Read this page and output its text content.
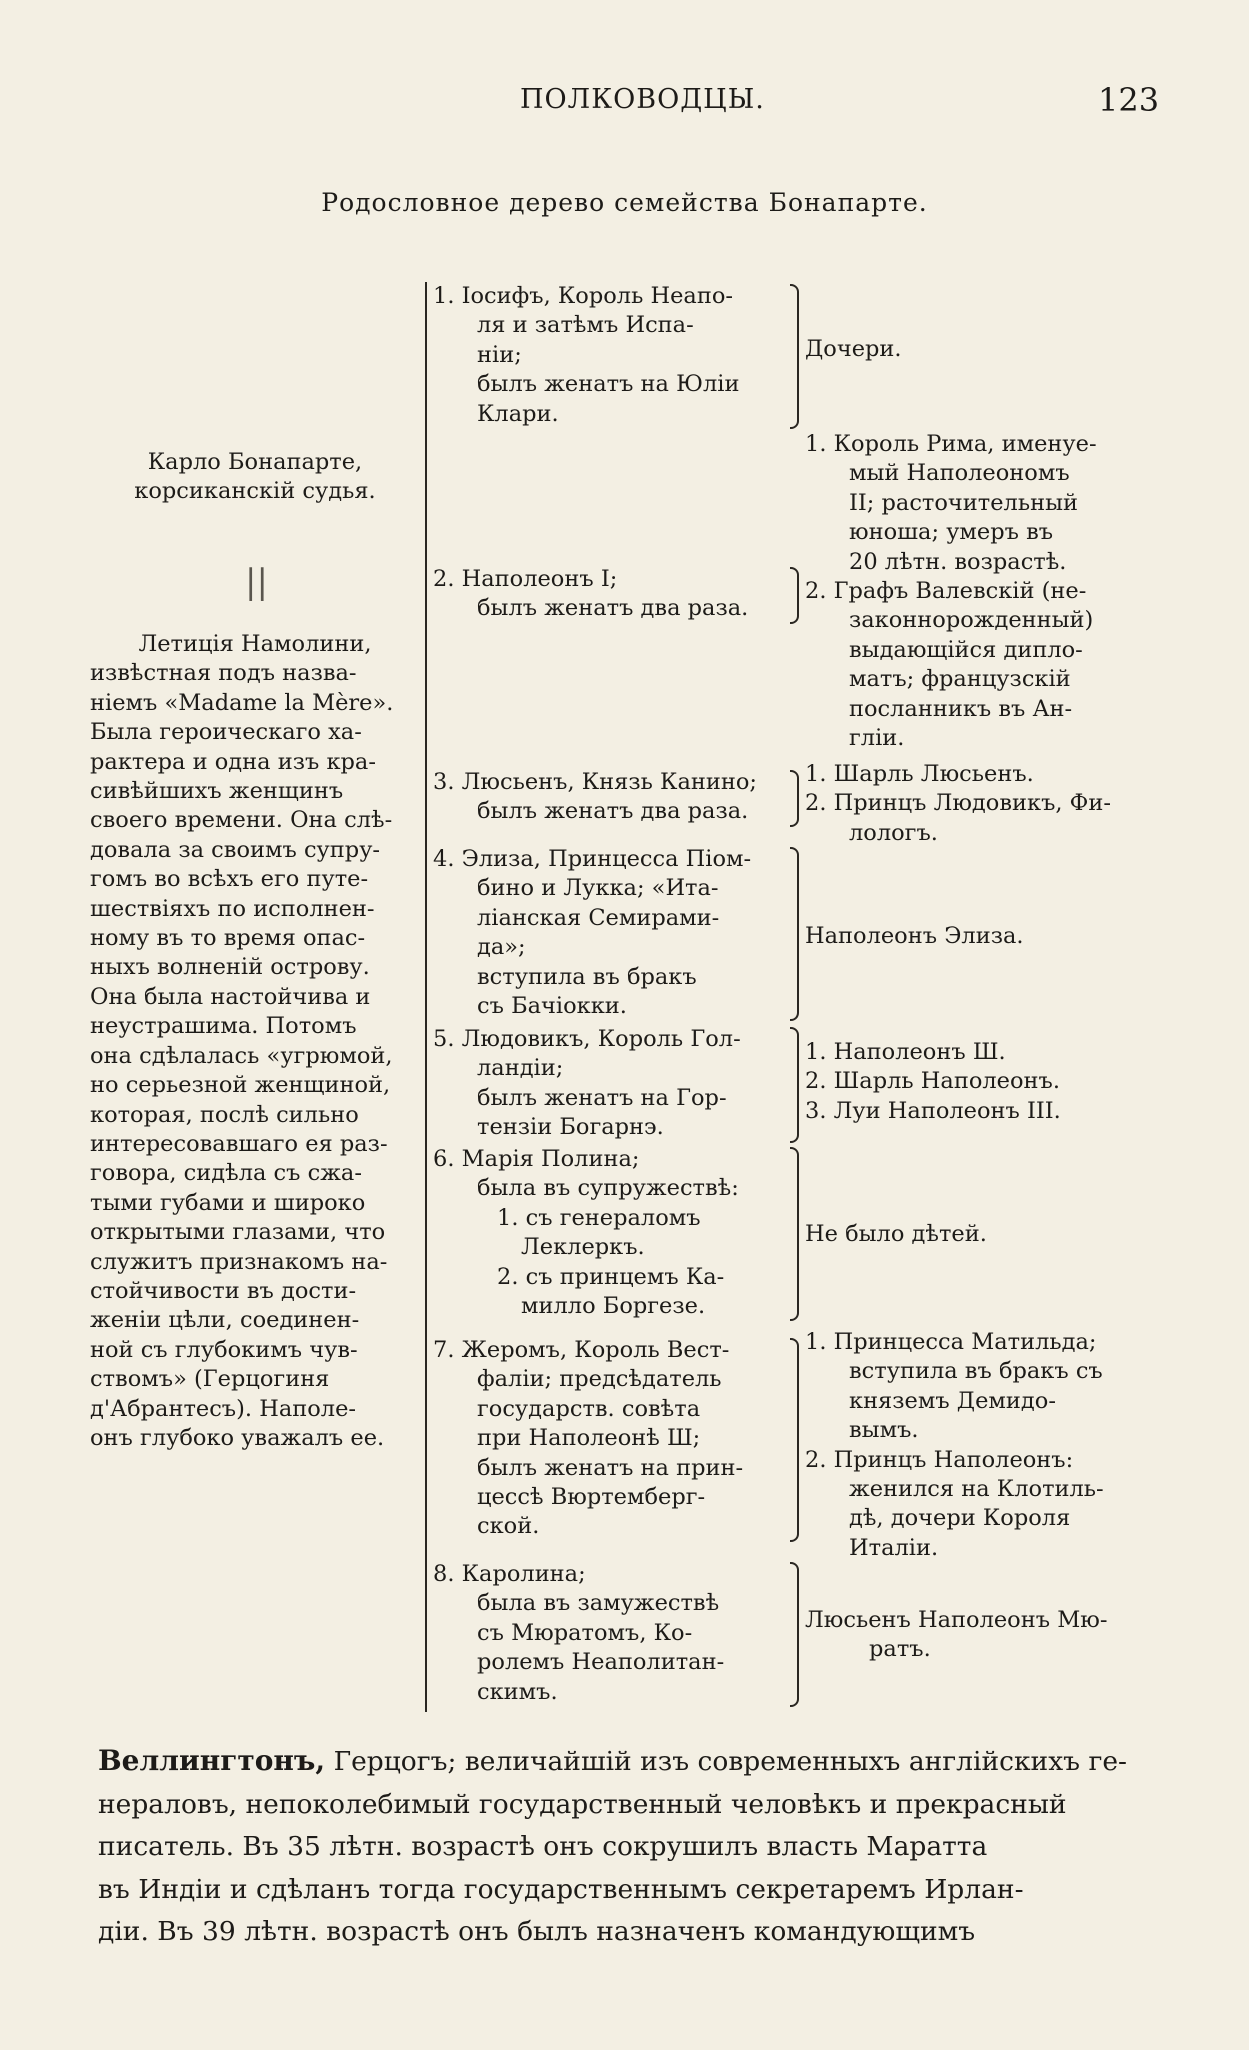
ПОЛКОВОДЦЫ.	123
Родословное дерево семейства Бонапарте.
Карло Бонапарте,
корсиканскій судья.
||
Летиція Намолини,
извѣстная подъ назва-
ніемъ «Madame la Mère».
Была героическаго ха-
рактера и одна изъ кра-
сивѣйшихъ женщинъ
своего времени. Она слѣ-
довала за своимъ супру-
гомъ во всѣхъ его путе-
шествіяхъ по исполнен-
ному въ то время опас-
ныхъ волненій острову.
Она была настойчива и
неустрашима. Потомъ
она сдѣлалась «угрюмой,
но серьезной женщиной,
которая, послѣ сильно
интересовавшаго ея раз-
говора, сидѣла съ сжа-
тыми губами и широко
открытыми глазами, что
служитъ признакомъ на-
стойчивости въ дости-
женіи цѣли, соединен-
ной съ глубокимъ чув-
ствомъ» (Герцогиня
д'Абрантесъ). Наполе-
онъ глубоко уважалъ ее.
1. Іосифъ, Король Неапо-
ля и затѣмъ Испа-
ніи;
былъ женатъ на Юліи
Клари.
Дочери.
2. Наполеонъ I;
былъ женатъ два раза.
1. Король Рима, именуе-
мый Наполеономъ
II; расточительный
юноша; умеръ въ
20 лѣтн. возрастѣ.
2. Графъ Валевскій (не-
законнорожденный)
выдающійся дипло-
матъ; французскій
посланникъ въ Ан-
гліи.
3. Люсьенъ, Князь Канино;
былъ женатъ два раза.
1. Шарль Люсьенъ.
2. Принцъ Людовикъ, Фи-
лологъ.
4. Элиза, Принцесса Піом-
бино и Лукка; «Ита-
ліанская Семирами-
да»;
вступила въ бракъ
съ Бачіокки.
Наполеонъ Элиза.
5. Людовикъ, Король Гол-
ландіи;
былъ женатъ на Гор-
тензіи Богарнэ.
1. Наполеонъ Ш.
2. Шарль Наполеонъ.
3. Луи Наполеонъ III.
6. Марія Полина;
была въ супружествѣ:
1. съ генераломъ
Леклеркъ.
2. съ принцемъ Ка-
милло Боргезе.
Не было дѣтей.
7. Жеромъ, Король Вест-
фаліи; предсѣдатель
государств. совѣта
при Наполеонѣ Ш;
былъ женатъ на прин-
цессѣ Вюртемберг-
ской.
1. Принцесса Матильда;
вступила въ бракъ съ
княземъ Демидо-
вымъ.
2. Принцъ Наполеонъ:
женился на Клотиль-
дѣ, дочери Короля
Италіи.
8. Каролина;
была въ замужествѣ
съ Мюратомъ, Ко-
ролемъ Неаполитан-
скимъ.
Люсьенъ Наполеонъ Мю-
ратъ.
Веллингтонъ, Герцогъ; величайшій изъ современныхъ англійскихъ ге-
нераловъ, непоколебимый государственный человѣкъ и прекрасный
писатель. Въ 35 лѣтн. возрастѣ онъ сокрушилъ власть Маратта
въ Индіи и сдѣланъ тогда государственнымъ секретаремъ Ирлан-
діи. Въ 39 лѣтн. возрастѣ онъ былъ назначенъ командующимъ
